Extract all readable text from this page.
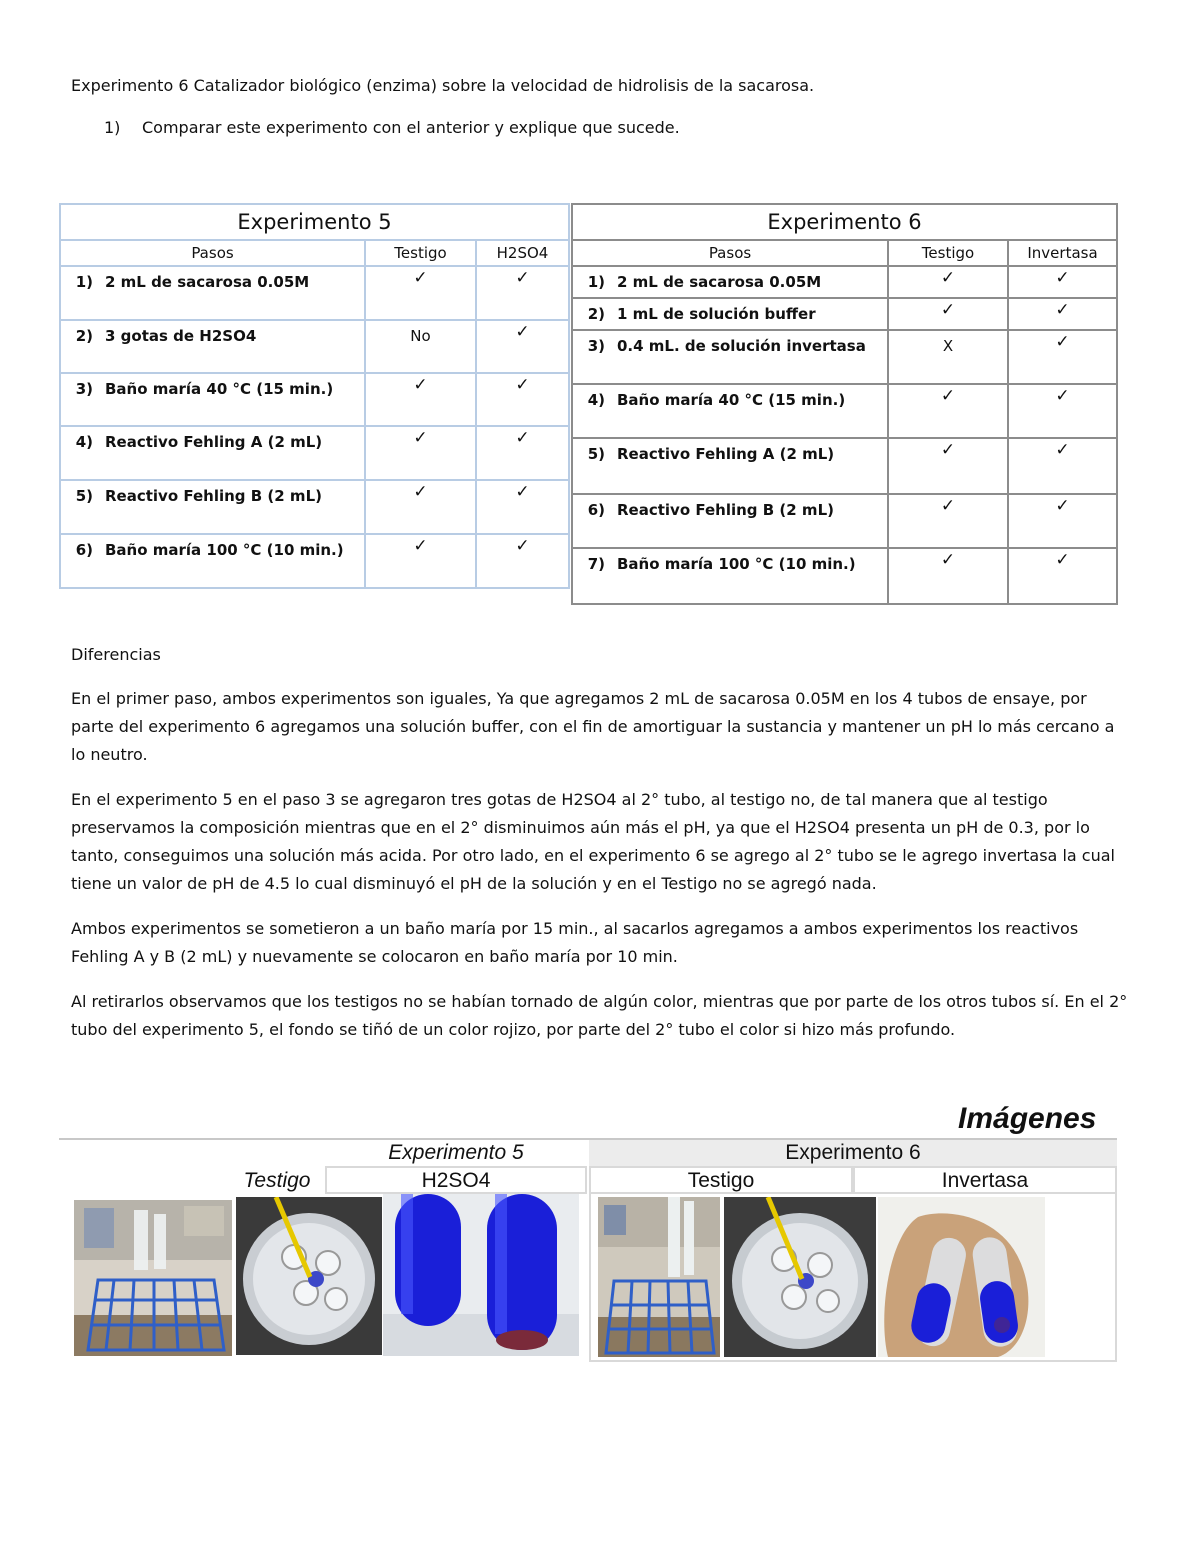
Experimento 6 Catalizador biológico (enzima) sobre la velocidad de hidrolisis de la sacarosa.
1) Comparar este experimento con el anterior y explique que sucede.
Experimento 5		
Pasos	Testigo	H2SO4

1) 2 mL de sacarosa 0.05M	✓	✓

2) 3 gotas de H2SO4	No	✓

3) Baño maría 40 °C (15 min.)	✓	✓

4) Reactivo Fehling A (2 mL)	✓	✓

5) Reactivo Fehling B (2 mL)	✓	✓

6) Baño maría 100 °C (10 min.)	✓	✓
Experimento 6		
Pasos	Testigo	Invertasa

1) 2 mL de sacarosa 0.05M	✓	✓

2) 1 mL de solución buffer	✓	✓

3) 0.4 mL. de solución invertasa	X	✓

4) Baño maría 40 °C (15 min.)	✓	✓

5) Reactivo Fehling A (2 mL)	✓	✓

6) Reactivo Fehling B (2 mL)	✓	✓

7) Baño maría 100 °C (10 min.)	✓	✓
Diferencias
En el primer paso, ambos experimentos son iguales, Ya que agregamos 2 mL de sacarosa 0.05M en los 4 tubos de ensaye, por parte del experimento 6 agregamos una solución buffer, con el fin de amortiguar la sustancia y mantener un pH lo más cercano a lo neutro.
En el experimento 5 en el paso 3 se agregaron tres gotas de H2SO4 al 2° tubo, al testigo no, de tal manera que al testigo preservamos la composición mientras que en el 2° disminuimos aún más el pH, ya que el H2SO4 presenta un pH de 0.3, por lo tanto, conseguimos una solución más acida. Por otro lado, en el experimento 6 se agrego al 2° tubo se le agrego invertasa la cual tiene un valor de pH de 4.5 lo cual disminuyó el pH de la solución y en el Testigo no se agregó nada.
Ambos experimentos se sometieron a un baño maría por 15 min., al sacarlos agregamos a ambos experimentos los reactivos Fehling A y B (2 mL) y nuevamente se colocaron en baño maría por 10 min.
Al retirarlos observamos que los testigos no se habían tornado de algún color, mientras que por parte de los otros tubos sí. En el 2° tubo del experimento 5, el fondo se tiñó de un color rojizo, por parte del 2° tubo el color si hizo más profundo.
Imágenes
Experimento 5	Experimento 6
Testigo	H2SO4	Testigo	Invertasa
